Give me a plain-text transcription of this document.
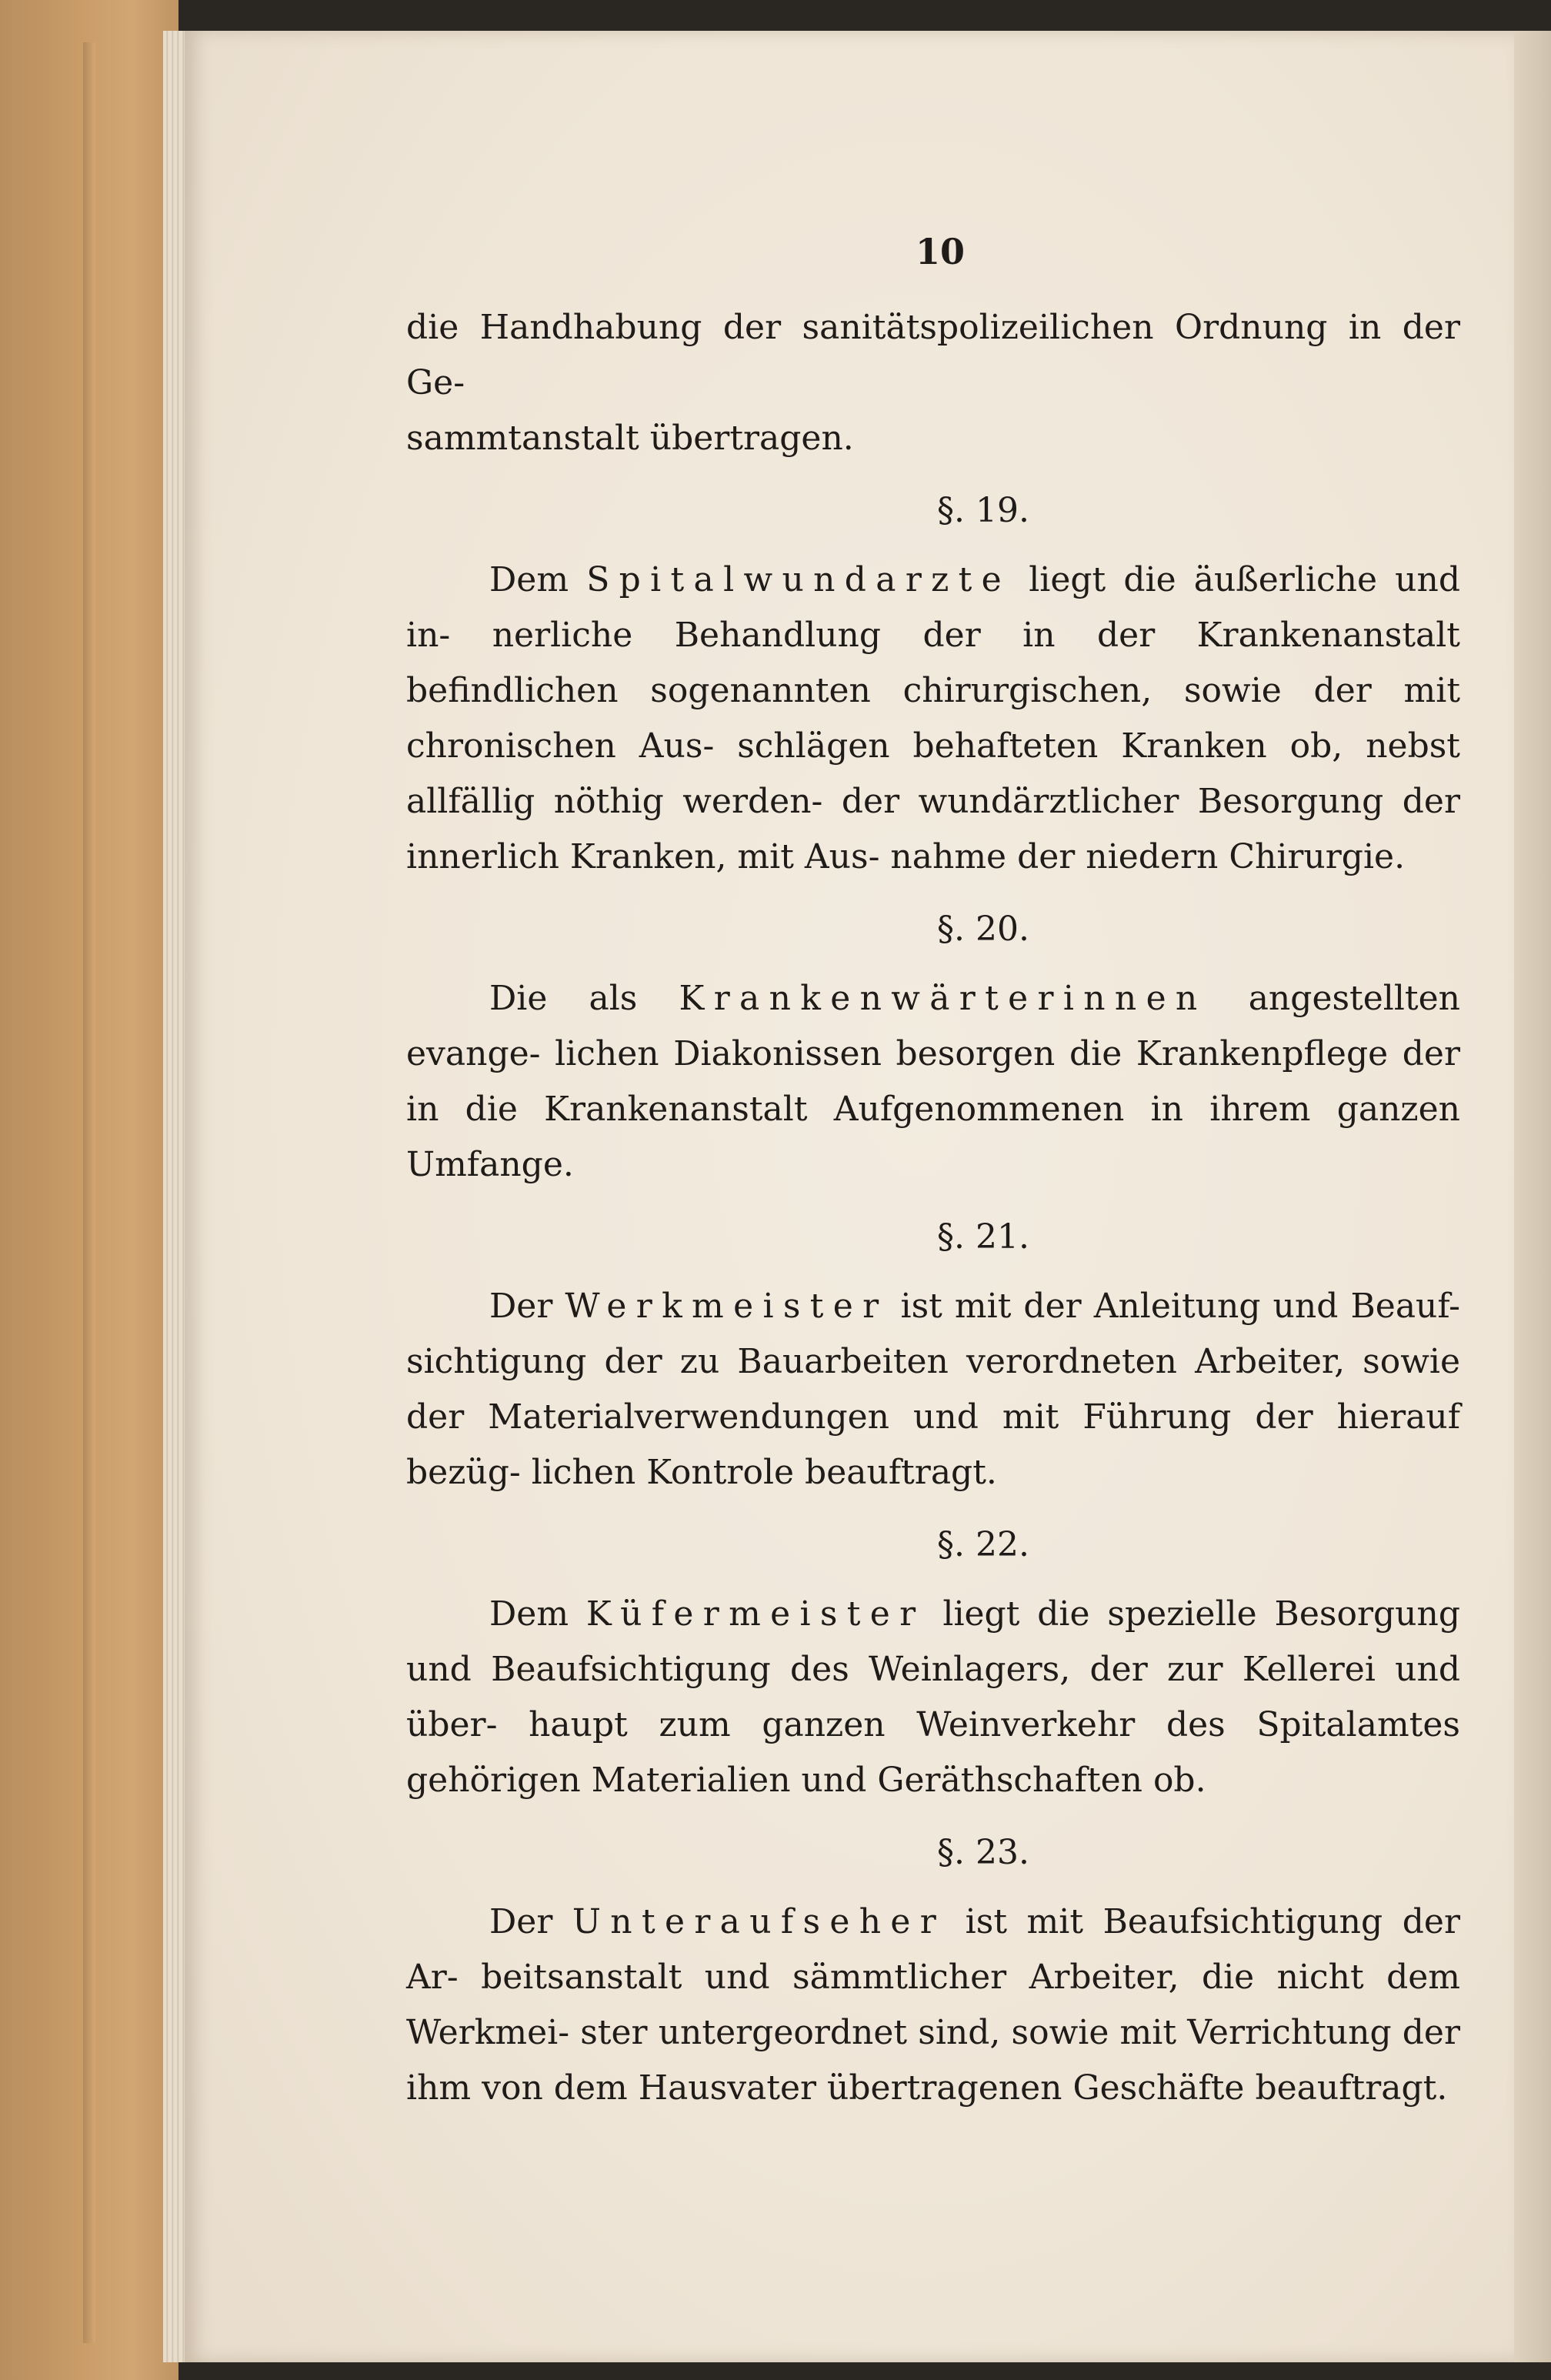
10

die Handhabung der sanitätspolizeilichen Ordnung in der Ge-
sammtanstalt übertragen.

§. 19.

Dem Spitalwundarzte liegt die äußerliche und in- nerliche Behandlung der in der Krankenanstalt befindlichen sogenannten chirurgischen, sowie der mit chronischen Aus- schlägen behafteten Kranken ob, nebst allfällig nöthig werden- der wundärztlicher Besorgung der innerlich Kranken, mit Aus- nahme der niedern Chirurgie.

§. 20.

Die als Krankenwärterinnen angestellten evange- lichen Diakonissen besorgen die Krankenpflege der in die Krankenanstalt Aufgenommenen in ihrem ganzen Umfange.

§. 21.

Der Werkmeister ist mit der Anleitung und Beauf- sichtigung der zu Bauarbeiten verordneten Arbeiter, sowie der Materialverwendungen und mit Führung der hierauf bezüg- lichen Kontrole beauftragt.

§. 22.

Dem Küfermeister liegt die spezielle Besorgung und Beaufsichtigung des Weinlagers, der zur Kellerei und über- haupt zum ganzen Weinverkehr des Spitalamtes gehörigen Materialien und Geräthschaften ob.

§. 23.

Der Unteraufseher ist mit Beaufsichtigung der Ar- beitsanstalt und sämmtlicher Arbeiter, die nicht dem Werkmei- ster untergeordnet sind, sowie mit Verrichtung der ihm von dem Hausvater übertragenen Geschäfte beauftragt.
